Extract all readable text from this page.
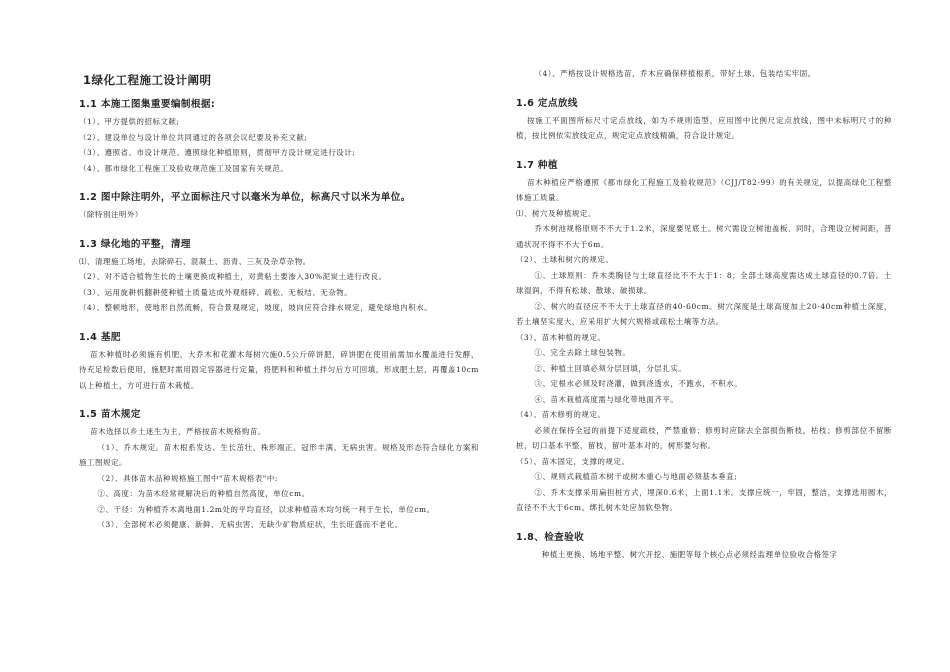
1绿化工程施工设计阐明
1.1 本施工图集重要编制根据:

（1）、甲方提供的招标文献;

（2）、建设单位与设计单位共同通过的各项会议纪要及补充文献;

（3）、遵照省、市设计规范、遵照绿化种植原则，贯彻甲方设计规定进行设计;

（4）、都市绿化工程施工及验收规范施工及国家有关规范。

1.2 图中除注明外，平立面标注尺寸以毫米为单位，标高尺寸以米为单位。

（除特别注明外）

1.3 绿化地的平整，清理

⑴、清理施工场地，去除碎石、混凝土、沥青、三灰及杂草杂物。

（2）、对不适合植物生长的土壤更换成种植土，对黄粘土要渗入30%泥炭土进行改良。

（3）、运用旋耕机翻耕使种植土质量达成外观细碎、疏松、无板结、无杂物。

（4）、整顿地形，使地形自然流畅，符合景观规定，坡度，坡向应符合排水规定，避免绿地内积水。

1.4 基肥

苗木种植时必须施有机肥，大乔木和花灌木每树穴施0.5公斤碎饼肥，碎饼肥在使用前需加水覆盖进行发酵，待充足检数后使用，施肥时需用固定容器进行定量，将肥料和种植土拌匀后方可回填，形成肥土层，再覆盖10cm以上种植土，方可进行苗木栽植。

1.5 苗木规定

苗木选择以乡土迷生为主，严格按苗木规格购苗。

（1）、乔木规定。苗木根系发达、生长茁壮、株形端正、冠形丰满、无病虫害。规格及形态符合绿化方案和施工图规定。

（2）、具体苗木品种规格施工图中"苗木规格表"中:

①、高度：为苗木经常规解决后的种植自然高度，单位cm。

②、干径：为种植乔木离地面1.2m处的平均直径，以求种植苗木均匀统一利于生长，单位cm。

（3）、全部树木必须健康、新鲜、无病虫害、无缺少矿物质症状，生长旺盛而不老化。

（4）、严格按设计规格选苗，乔木应确保移植根系，带好土球、包装结实牢固。

1.6 定点放线

按施工平面图所标尺寸定点放线，如为不规则造型，应用图中比例尺定点放线，图中未标明尺寸的种植，按比例依实放线定点，规定定点放线精确，符合设计规定。

1.7 种植

苗木种植应严格遵照《都市绿化工程施工及验收规范》（CJJ/T82-99）的有关规定，以提高绿化工程整体施工质量。

⑴、树穴及种植规定。

乔木树池规格原则不不大于1.2米，深度要见底土。树穴需设立树池盖板、同时，合理设立树间距，普通状况不得不不大于6m。

（2）、土球和树穴的规定。

①、土球原则：乔木类胸径与土球直径比不不大于1：8；全部土球高度需达成土球直径的0.7倍。土球湿润，不得有松球、散球、破损球。

②、树穴的直径应不不大于土球直径的40-60cm。树穴深度是土球高度加上20-40cm种植土深度，若土壤坚实度大，应采用扩大树穴规格或疏松土壤等方法。

（3）、苗木种植的规定。

①、完全去除土球包装物。

②、种植土回填必须分层回填，分层扎实。

③、定根水必须及时浇灌，做到浇透水，不跑水，不积水。

④、苗木栽植高度需与绿化带地面齐平。

（4）、苗木修剪的规定。

必须在保持全冠的前提下适度疏枝，严禁重修；修剪时应除去全部损伤断枝，枯枝；修剪部位不留断桩，切口基本平整，留枝，留叶基本对的，树形要匀称。

（5）、苗木固定，支撑的规定。

①、规则式栽植苗木树干或树木重心与地面必须基本垂直;

②、乔木支撑采用扁担桩方式，埋深0.6米，上面1.1米。支撑应统一，牢固，整洁，支撑选用圆木，直径不不大于6cm。绑扎树木处应加软垫物。

1.8、检查验收

种植土更换、场地平整、树穴开挖、施肥等每个核心点必须经监理单位验收合格签字
